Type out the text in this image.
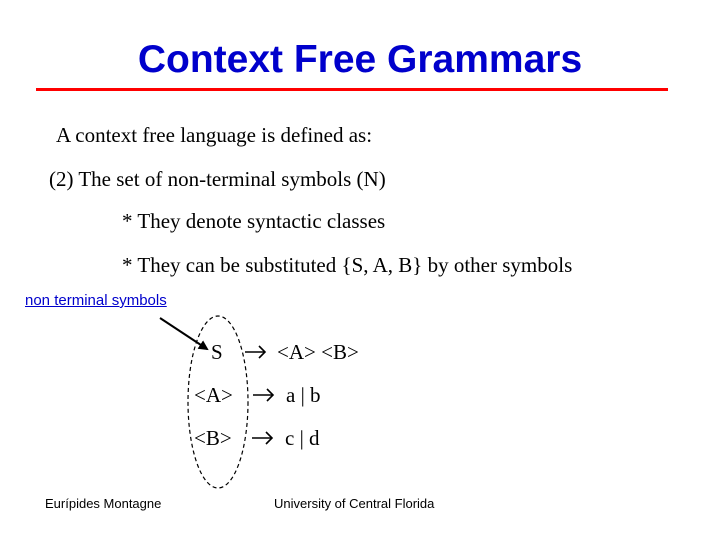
Context Free Grammars
A context free language is defined as:
(2) The set of non-terminal symbols (N)
* They denote syntactic classes
* They can be substituted {S, A, B} by other symbols
non terminal symbols
S	<A> <B>
<A>	a | b
<B>	c | d
Eurípides Montagne	University of Central Florida
